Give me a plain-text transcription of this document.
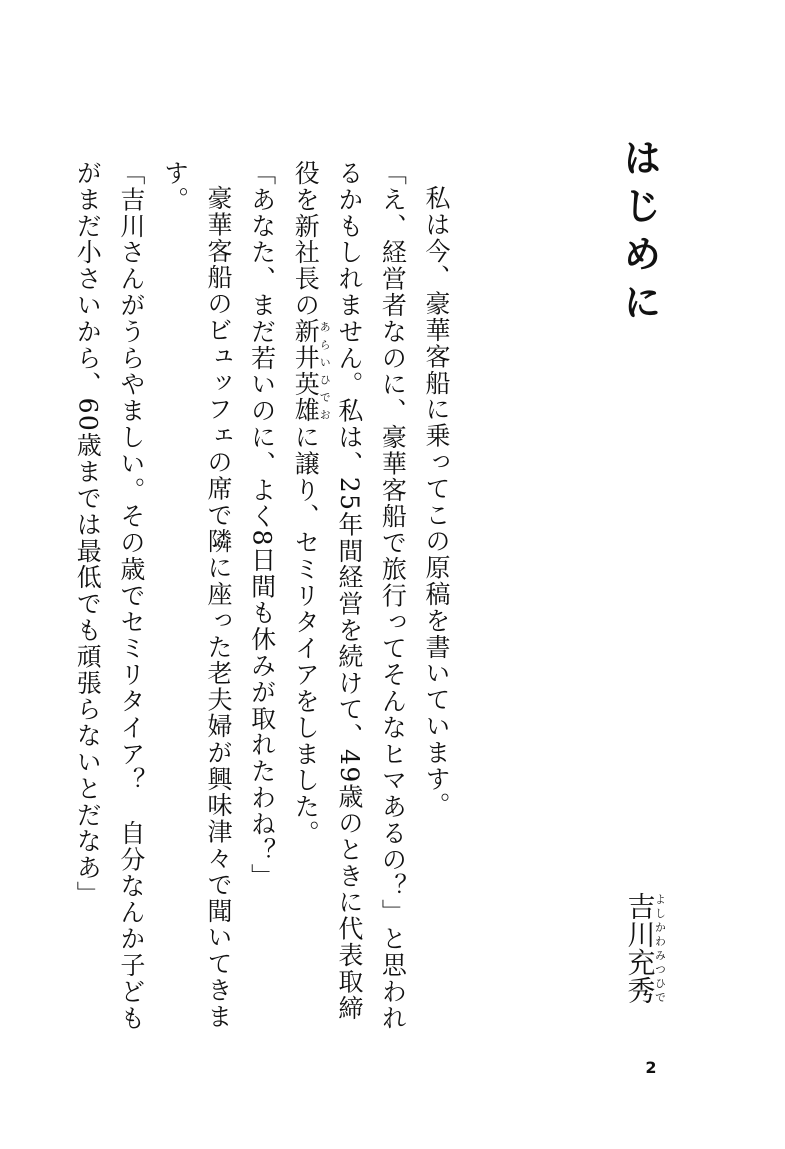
はじめに
吉川よしかわ充秀みつひで

私は今、豪華客船に乗ってこの原稿を書いています。

「え、経営者なのに、豪華客船で旅行ってそんなヒマあるの？」と思われるかもしれません。私は、25年間経営を続けて、49歳のときに代表取締役を新社長の新井英雄あらいひでおに譲り、セミリタイアをしました。

「あなた、まだ若いのに、よく8日間も休みが取れたわね？」

豪華客船のビュッフェの席で隣に座った老夫婦が興味津々で聞いてきます。

「吉川さんがうらやましい。その歳でセミリタイア？　自分なんか子どもがまだ小さいから、60歳までは最低でも頑張らないとだなあ」

2
